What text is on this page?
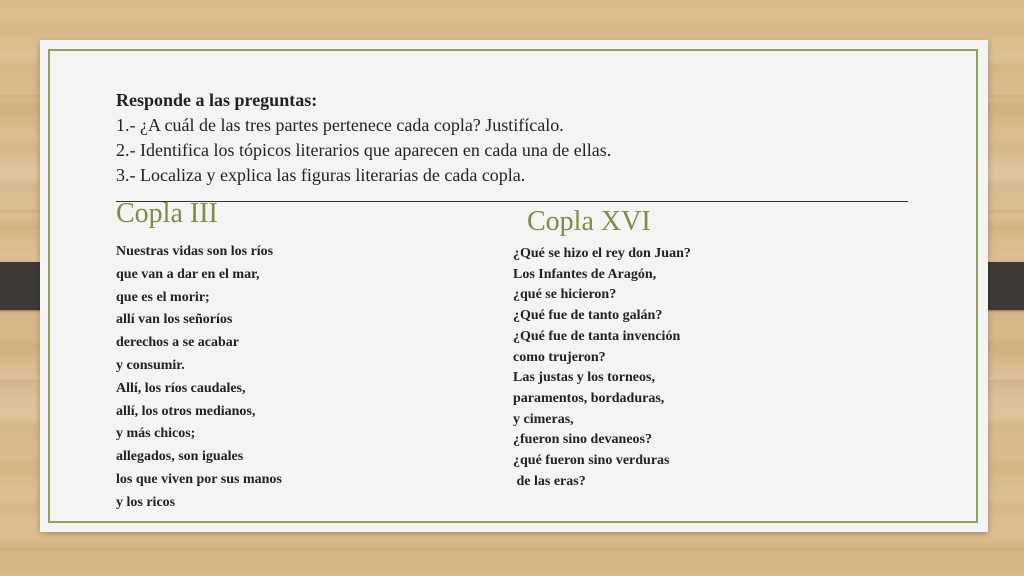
Responde a las preguntas:

1.- ¿A cuál de las tres partes pertenece cada copla? Justifícalo.

2.- Identifica los tópicos literarios que aparecen en cada una de ellas.

3.- Localiza y explica las figuras literarias de cada copla.

Copla III
Nuestras vidas son los ríos
que van a dar en el mar,
que es el morir;
allí van los señoríos
derechos a se acabar
y consumir.
Allí, los ríos caudales,
allí, los otros medianos,
y más chicos;
allegados, son iguales
los que viven por sus manos
y los ricos
Copla XVI
¿Qué se hizo el rey don Juan?
Los Infantes de Aragón,
¿qué se hicieron?
¿Qué fue de tanto galán?
¿Qué fue de tanta invención
como trujeron?
Las justas y los torneos,
paramentos, bordaduras,
y cimeras,
¿fueron sino devaneos?
¿qué fueron sino verduras
de las eras?
